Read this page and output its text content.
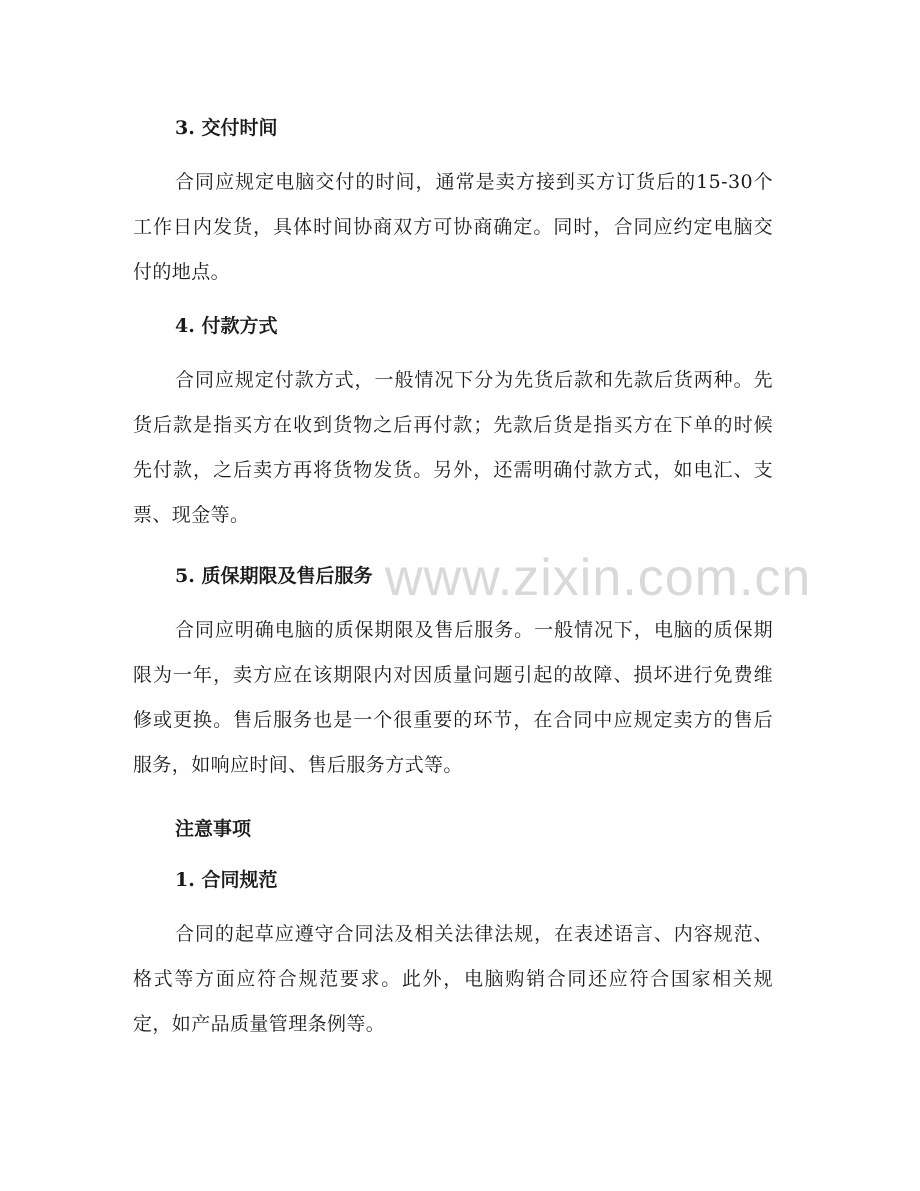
www.zixin.com.cn
3. 交付时间
合同应规定电脑交付的时间，通常是卖方接到买方订货后的15-30个工作日内发货，具体时间协商双方可协商确定。同时，合同应约定电脑交付的地点。
4. 付款方式
合同应规定付款方式，一般情况下分为先货后款和先款后货两种。先货后款是指买方在收到货物之后再付款；先款后货是指买方在下单的时候先付款，之后卖方再将货物发货。另外，还需明确付款方式，如电汇、支票、现金等。
5. 质保期限及售后服务
合同应明确电脑的质保期限及售后服务。一般情况下，电脑的质保期限为一年，卖方应在该期限内对因质量问题引起的故障、损坏进行免费维修或更换。售后服务也是一个很重要的环节，在合同中应规定卖方的售后服务，如响应时间、售后服务方式等。
注意事项
1. 合同规范
合同的起草应遵守合同法及相关法律法规，在表述语言、内容规范、格式等方面应符合规范要求。此外，电脑购销合同还应符合国家相关规定，如产品质量管理条例等。
